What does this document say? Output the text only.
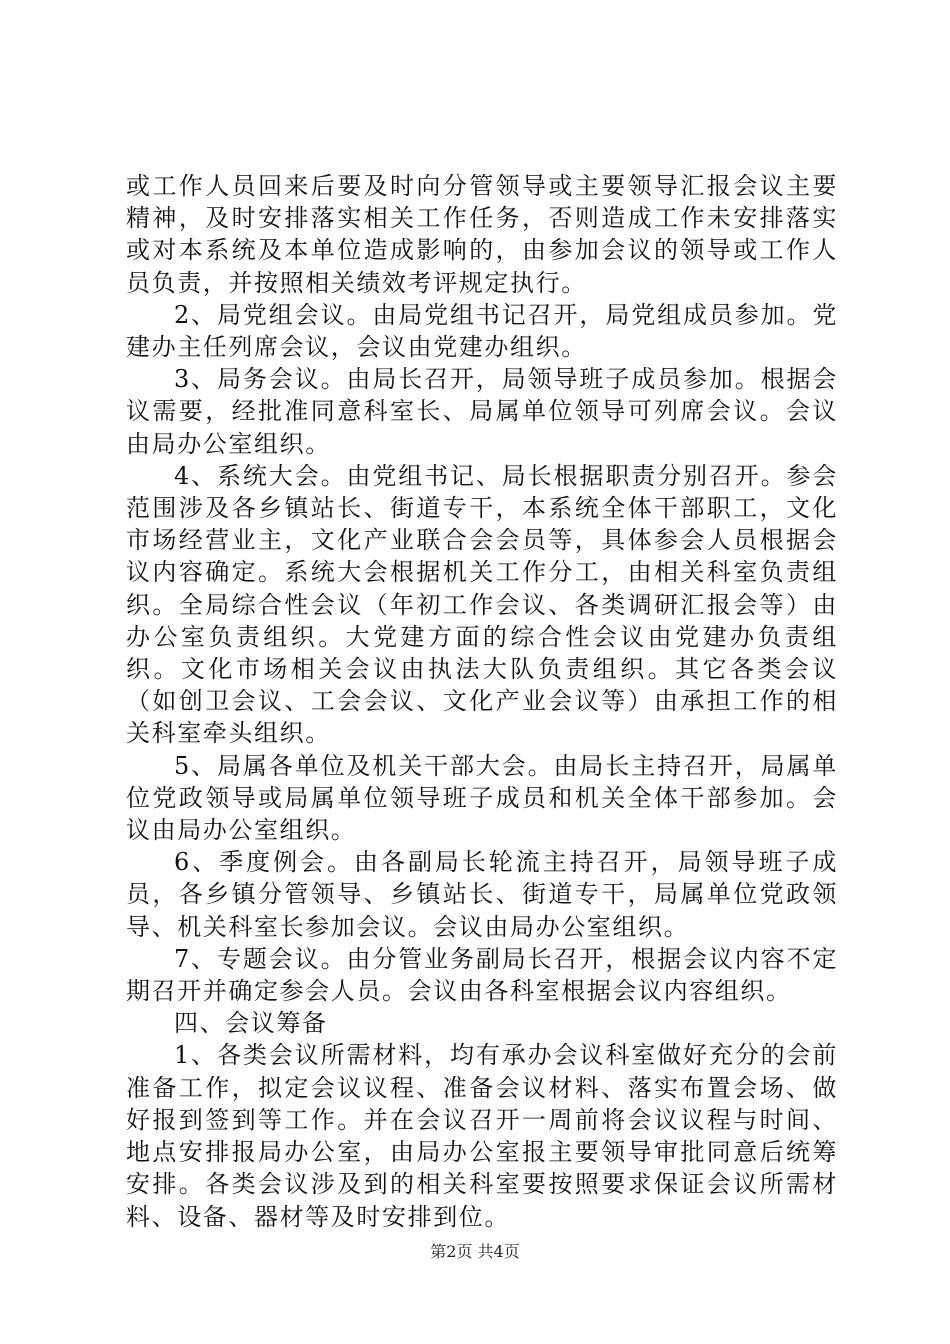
或工作人员回来后要及时向分管领导或主要领导汇报会议主要精神，及时安排落实相关工作任务，否则造成工作未安排落实或对本系统及本单位造成影响的，由参加会议的领导或工作人员负责，并按照相关绩效考评规定执行。

2、局党组会议。由局党组书记召开，局党组成员参加。党建办主任列席会议，会议由党建办组织。

3、局务会议。由局长召开，局领导班子成员参加。根据会议需要，经批准同意科室长、局属单位领导可列席会议。会议由局办公室组织。

4、系统大会。由党组书记、局长根据职责分别召开。参会范围涉及各乡镇站长、街道专干，本系统全体干部职工，文化市场经营业主，文化产业联合会会员等，具体参会人员根据会议内容确定。系统大会根据机关工作分工，由相关科室负责组织。全局综合性会议（年初工作会议、各类调研汇报会等）由办公室负责组织。大党建方面的综合性会议由党建办负责组织。文化市场相关会议由执法大队负责组织。其它各类会议（如创卫会议、工会会议、文化产业会议等）由承担工作的相关科室牵头组织。

5、局属各单位及机关干部大会。由局长主持召开，局属单位党政领导或局属单位领导班子成员和机关全体干部参加。会议由局办公室组织。

6、季度例会。由各副局长轮流主持召开，局领导班子成员，各乡镇分管领导、乡镇站长、街道专干，局属单位党政领导、机关科室长参加会议。会议由局办公室组织。

7、专题会议。由分管业务副局长召开，根据会议内容不定期召开并确定参会人员。会议由各科室根据会议内容组织。

四、会议筹备

1、各类会议所需材料，均有承办会议科室做好充分的会前准备工作，拟定会议议程、准备会议材料、落实布置会场、做好报到签到等工作。并在会议召开一周前将会议议程与时间、地点安排报局办公室，由局办公室报主要领导审批同意后统筹安排。各类会议涉及到的相关科室要按照要求保证会议所需材料、设备、器材等及时安排到位。

第2页 共4页
